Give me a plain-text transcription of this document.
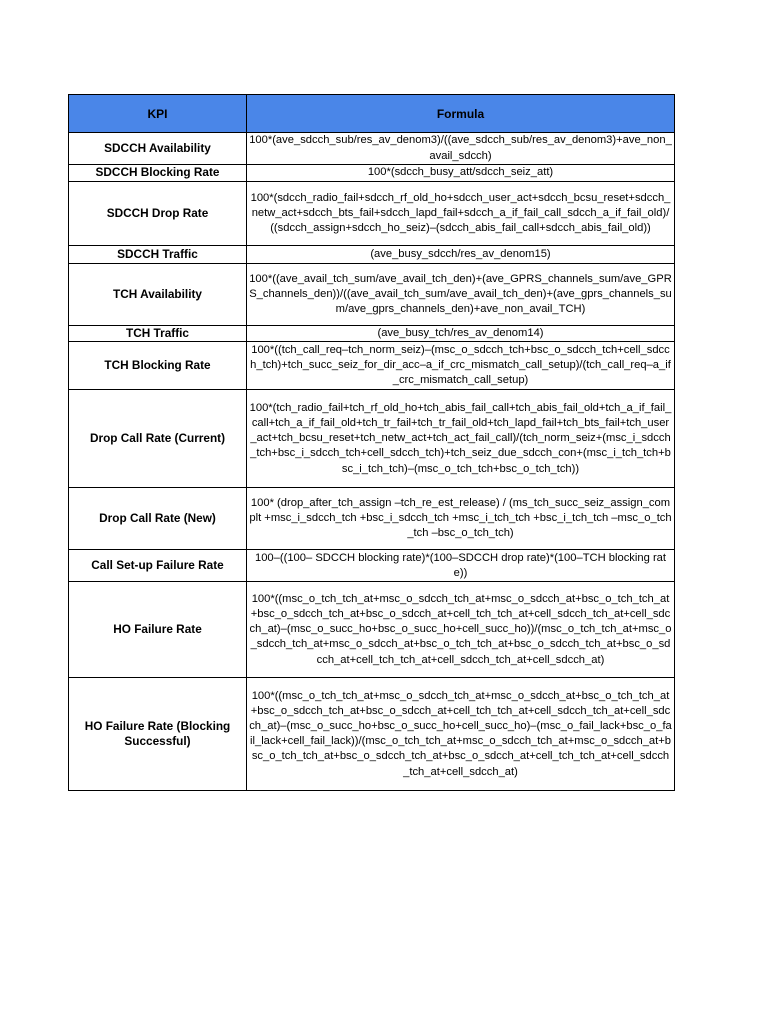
KPI	Formula
SDCCH Availability	100*(ave_sdcch_sub/res_av_denom3)/((ave_sdcch_sub/res_av_denom3)+ave_non_avail_sdcch)
SDCCH Blocking Rate	100*(sdcch_busy_att/sdcch_seiz_att)
SDCCH Drop Rate	100*(sdcch_radio_fail+sdcch_rf_old_ho+sdcch_user_act+sdcch_bcsu_reset+sdcch_netw_act+sdcch_bts_fail+sdcch_lapd_fail+sdcch_a_if_fail_call_sdcch_a_if_fail_old)/((sdcch_assign+sdcch_ho_seiz)–(sdcch_abis_fail_call+sdcch_abis_fail_old))
SDCCH Traffic	(ave_busy_sdcch/res_av_denom15)
TCH Availability	100*((ave_avail_tch_sum/ave_avail_tch_den)+(ave_GPRS_channels_sum/ave_GPRS_channels_den))/((ave_avail_tch_sum/ave_avail_tch_den)+(ave_gprs_channels_sum/ave_gprs_channels_den)+ave_non_avail_TCH)
TCH Traffic	(ave_busy_tch/res_av_denom14)
TCH Blocking Rate	100*((tch_call_req–tch_norm_seiz)–(msc_o_sdcch_tch+bsc_o_sdcch_tch+cell_sdcch_tch)+tch_succ_seiz_for_dir_acc–a_if_crc_mismatch_call_setup)/(tch_call_req–a_if_crc_mismatch_call_setup)
Drop Call Rate (Current)	100*(tch_radio_fail+tch_rf_old_ho+tch_abis_fail_call+tch_abis_fail_old+tch_a_if_fail_call+tch_a_if_fail_old+tch_tr_fail+tch_tr_fail_old+tch_lapd_fail+tch_bts_fail+tch_user_act+tch_bcsu_reset+tch_netw_act+tch_act_fail_call)/(tch_norm_seiz+(msc_i_sdcch_tch+bsc_i_sdcch_tch+cell_sdcch_tch)+tch_seiz_due_sdcch_con+(msc_i_tch_tch+bsc_i_tch_tch)–(msc_o_tch_tch+bsc_o_tch_tch))
Drop Call Rate (New)	100* (drop_after_tch_assign –tch_re_est_release) / (ms_tch_succ_seiz_assign_complt +msc_i_sdcch_tch +bsc_i_sdcch_tch +msc_i_tch_tch +bsc_i_tch_tch –msc_o_tch_tch –bsc_o_tch_tch)
Call Set-up Failure Rate	100–((100– SDCCH blocking rate)*(100–SDCCH drop rate)*(100–TCH blocking rate))
HO Failure Rate	100*((msc_o_tch_tch_at+msc_o_sdcch_tch_at+msc_o_sdcch_at+bsc_o_tch_tch_at+bsc_o_sdcch_tch_at+bsc_o_sdcch_at+cell_tch_tch_at+cell_sdcch_tch_at+cell_sdcch_at)–(msc_o_succ_ho+bsc_o_succ_ho+cell_succ_ho))/(msc_o_tch_tch_at+msc_o_sdcch_tch_at+msc_o_sdcch_at+bsc_o_tch_tch_at+bsc_o_sdcch_tch_at+bsc_o_sdcch_at+cell_tch_tch_at+cell_sdcch_tch_at+cell_sdcch_at)
HO Failure Rate (Blocking Successful)	100*((msc_o_tch_tch_at+msc_o_sdcch_tch_at+msc_o_sdcch_at+bsc_o_tch_tch_at+bsc_o_sdcch_tch_at+bsc_o_sdcch_at+cell_tch_tch_at+cell_sdcch_tch_at+cell_sdcch_at)–(msc_o_succ_ho+bsc_o_succ_ho+cell_succ_ho)–(msc_o_fail_lack+bsc_o_fail_lack+cell_fail_lack))/(msc_o_tch_tch_at+msc_o_sdcch_tch_at+msc_o_sdcch_at+bsc_o_tch_tch_at+bsc_o_sdcch_tch_at+bsc_o_sdcch_at+cell_tch_tch_at+cell_sdcch_tch_at+cell_sdcch_at)
